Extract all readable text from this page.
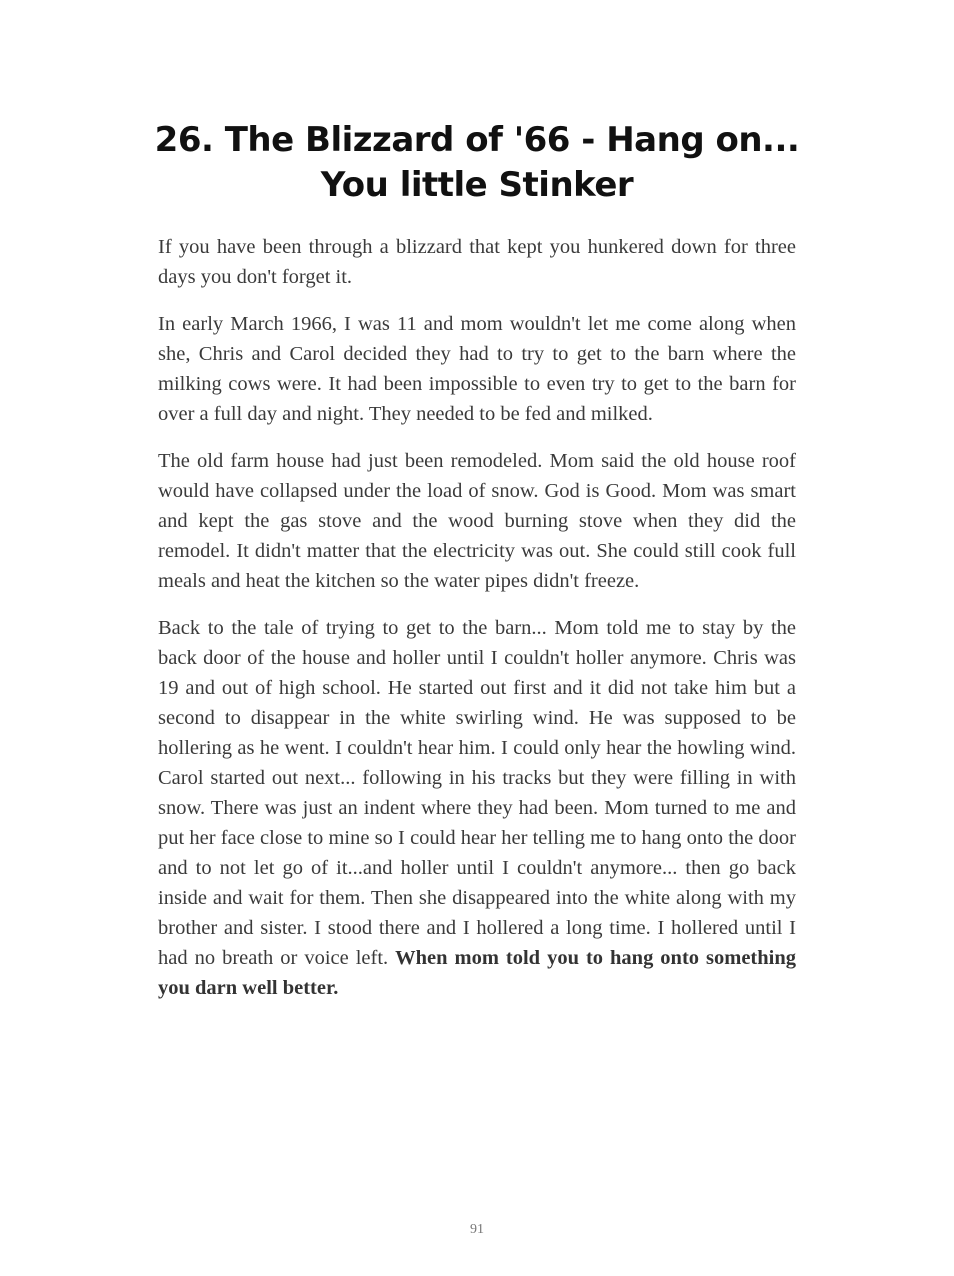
26. The Blizzard of '66 - Hang on... You little Stinker

If you have been through a blizzard that kept you hunkered down for three days you don't forget it.

In early March 1966, I was 11 and mom wouldn't let me come along when she, Chris and Carol decided they had to try to get to the barn where the milking cows were. It had been impossible to even try to get to the barn for over a full day and night. They needed to be fed and milked.

The old farm house had just been remodeled. Mom said the old house roof would have collapsed under the load of snow. God is Good. Mom was smart and kept the gas stove and the wood burning stove when they did the remodel. It didn't matter that the electricity was out. She could still cook full meals and heat the kitchen so the water pipes didn't freeze.

Back to the tale of trying to get to the barn... Mom told me to stay by the back door of the house and holler until I couldn't holler anymore. Chris was 19 and out of high school. He started out first and it did not take him but a second to disappear in the white swirling wind. He was supposed to be hollering as he went. I couldn't hear him. I could only hear the howling wind. Carol started out next... following in his tracks but they were filling in with snow. There was just an indent where they had been. Mom turned to me and put her face close to mine so I could hear her telling me to hang onto the door and to not let go of it...and holler until I couldn't anymore... then go back inside and wait for them. Then she disappeared into the white along with my brother and sister. I stood there and I hollered a long time. I hollered until I had no breath or voice left. When mom told you to hang onto something you darn well better.

91
